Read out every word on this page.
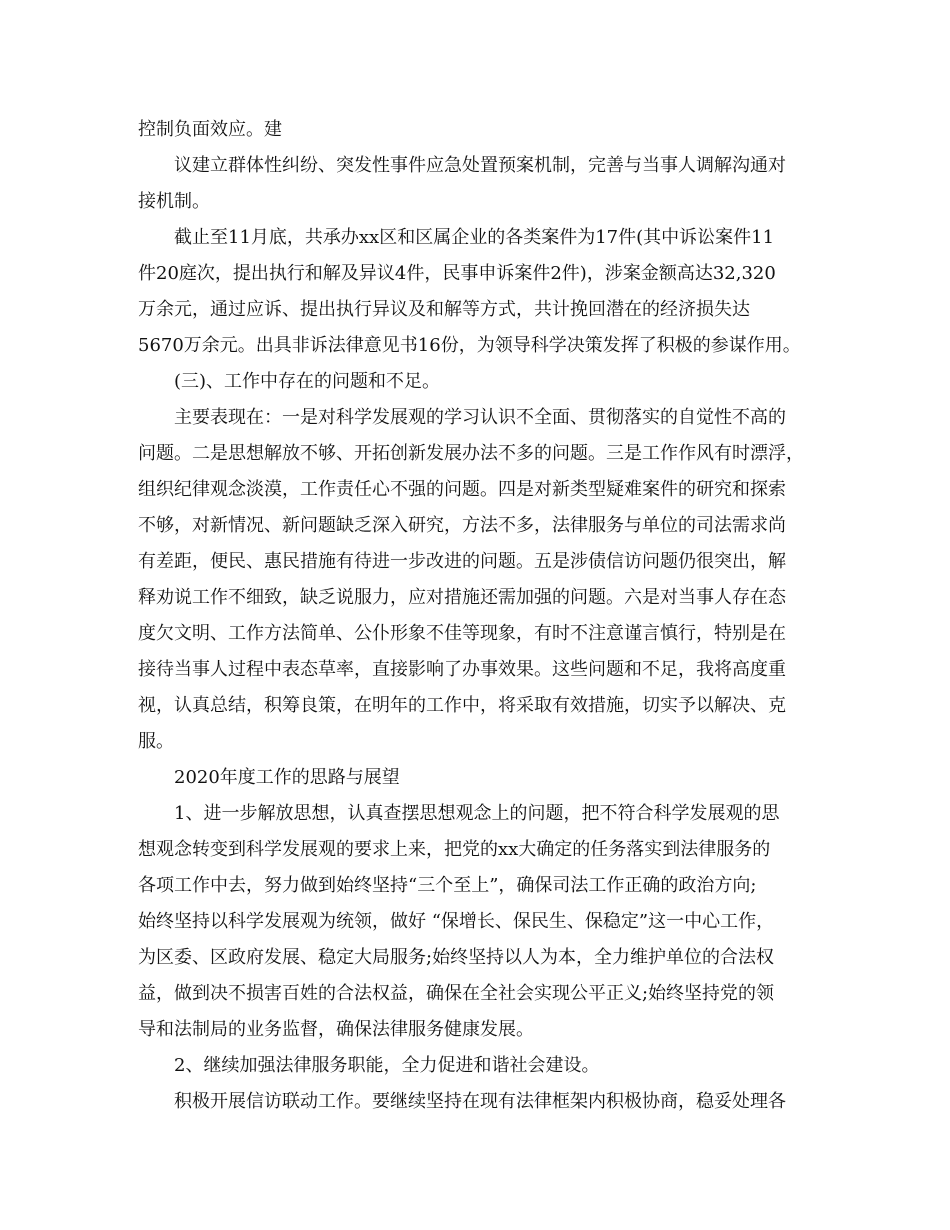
控制负面效应。建
议建立群体性纠纷、突发性事件应急处置预案机制，完善与当事人调解沟通对
接机制。
截止至11月底，共承办xx区和区属企业的各类案件为17件(其中诉讼案件11
件20庭次，提出执行和解及异议4件，民事申诉案件2件)，涉案金额高达32,320
万余元，通过应诉、提出执行异议及和解等方式，共计挽回潜在的经济损失达
5670万余元。出具非诉法律意见书16份，为领导科学决策发挥了积极的参谋作用。
(三)、工作中存在的问题和不足。
主要表现在：一是对科学发展观的学习认识不全面、贯彻落实的自觉性不高的
问题。二是思想解放不够、开拓创新发展办法不多的问题。三是工作作风有时漂浮，
组织纪律观念淡漠，工作责任心不强的问题。四是对新类型疑难案件的研究和探索
不够，对新情况、新问题缺乏深入研究，方法不多，法律服务与单位的司法需求尚
有差距，便民、惠民措施有待进一步改进的问题。五是涉债信访问题仍很突出，解
释劝说工作不细致，缺乏说服力，应对措施还需加强的问题。六是对当事人存在态
度欠文明、工作方法简单、公仆形象不佳等现象，有时不注意谨言慎行，特别是在
接待当事人过程中表态草率，直接影响了办事效果。这些问题和不足，我将高度重
视，认真总结，积筹良策，在明年的工作中，将采取有效措施，切实予以解决、克
服。
2020年度工作的思路与展望
1、进一步解放思想，认真查摆思想观念上的问题，把不符合科学发展观的思
想观念转变到科学发展观的要求上来，把党的xx大确定的任务落实到法律服务的
各项工作中去，努力做到始终坚持“三个至上”，确保司法工作正确的政治方向;
始终坚持以科学发展观为统领，做好 “保增长、保民生、保稳定”这一中心工作，
为区委、区政府发展、稳定大局服务;始终坚持以人为本，全力维护单位的合法权
益，做到决不损害百姓的合法权益，确保在全社会实现公平正义;始终坚持党的领
导和法制局的业务监督，确保法律服务健康发展。
2、继续加强法律服务职能，全力促进和谐社会建设。
积极开展信访联动工作。要继续坚持在现有法律框架内积极协商，稳妥处理各
